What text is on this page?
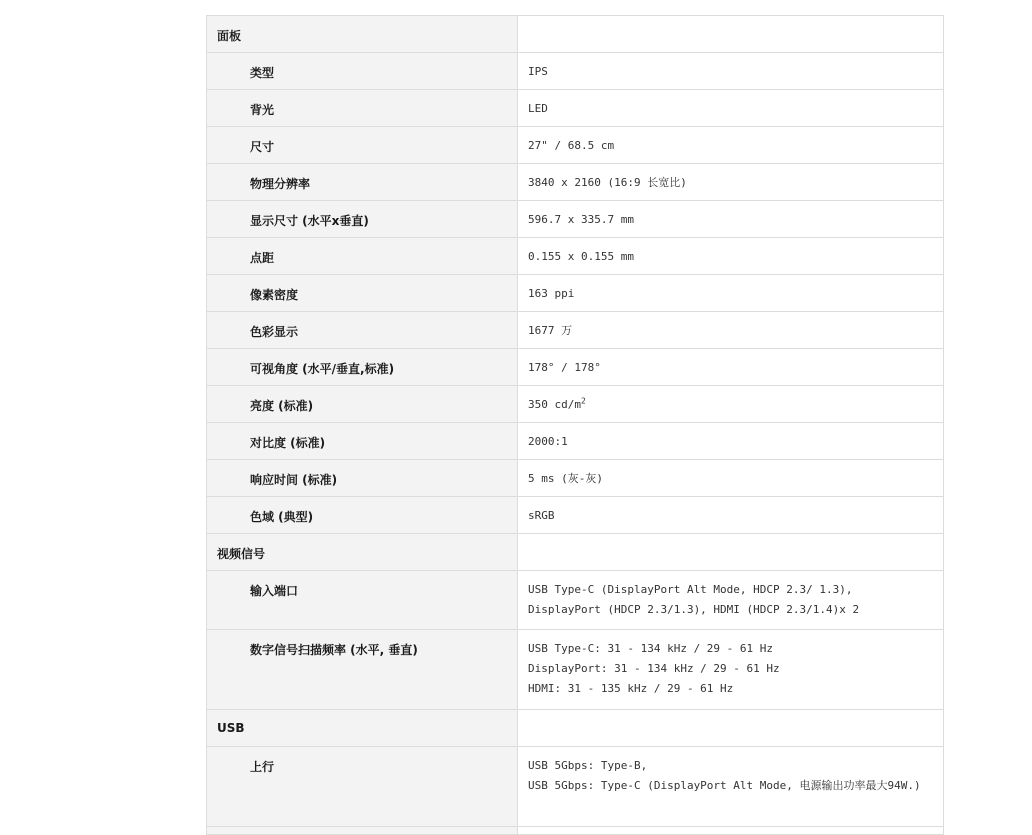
面板	
类型	IPS
背光	LED
尺寸	27" / 68.5 cm
物理分辨率	3840 x 2160 (16:9 长宽比)
显示尺寸 (水平x垂直)	596.7 x 335.7 mm
点距	0.155 x 0.155 mm
像素密度	163 ppi
色彩显示	1677 万
可视角度 (水平/垂直,标准)	178° / 178°
亮度 (标准)	350 $cd/m^2$
对比度 (标准)	2000:1
响应时间 (标准)	5 ms (灰-灰)
色域 (典型)	sRGB
视频信号	
输入端口	USB Type-C (DisplayPort Alt Mode, HDCP 2.3/ 1.3),
DisplayPort (HDCP 2.3/1.3), HDMI (HDCP 2.3/1.4)x 2

数字信号扫描频率 (水平, 垂直)	USB Type-C: 31 - 134 kHz / 29 - 61 Hz
DisplayPort: 31 - 134 kHz / 29 - 61 Hz
HDMI: 31 - 135 kHz / 29 - 61 Hz

USB	
上行	USB 5Gbps: Type-B,
USB 5Gbps: Type-C (DisplayPort Alt Mode, 电源输出功率最大94W.)
